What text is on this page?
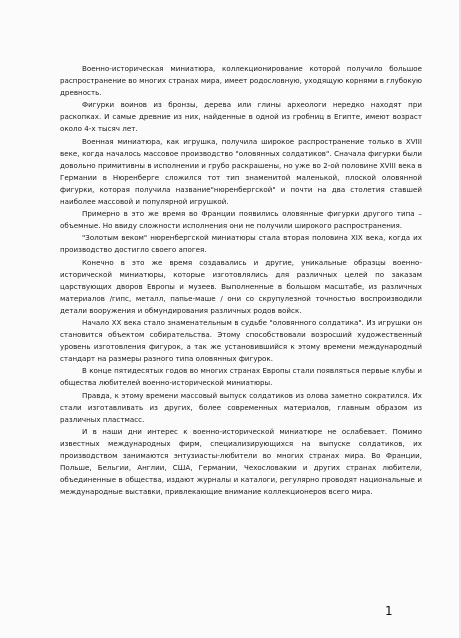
Военно-историческая миниатюра, коллекционирование которой получило большое распространение во многих странах мира, имеет родословную, уходящую корнями в глубокую древность.

Фигурки воинов из бронзы, дерева или глины археологи нередко находят при раскопках. И самые древние из них, найденные в одной из гробниц в Египте, имеют возраст около 4-х тысяч лет.

Военная миниатюра, как игрушка, получила широкое распространение только в XVIII веке, когда началось массовое производство "оловянных солдатиков". Сначала фигурки были довольно примитивны в исполнении и грубо раскрашены, но уже во 2-ой половине XVIII века в Германии в Нюренберге сложился тот тип знаменитой маленькой, плоской оловянной фигурки, которая получила название"нюренбергской" и почти на два столетия ставшей наиболее массовой и популярной игрушкой.

Примерно в это же время во Франции появились оловянные фигурки другого типа – объемные. Но ввиду сложности исполнения они не получили широкого распространения.

"Золотым веком" нюренбергской миниатюры стала вторая половина XIX века, когда их производство достигло своего апогея.

Конечно в это же время создавались и другие, уникальные образцы военно-исторической миниатюры, которые изготовлялись для различных целей по заказам царствующих дворов Европы и музеев. Выполненные в большом масштабе, из различных материалов /гипс, металл, папье-маше / они со скрупулезной точностью воспроизводили детали вооружения и обмундирования различных родов войск.

Начало XX века стало знаменательным в судьбе "оловянного солдатика". Из игрушки он становится объектом собирательства. Этому способствовали возросший художественный уровень изготовления фигурок, а так же установившийся к этому времени международный стандарт на размеры разного типа оловянных фигурок.

В конце пятидесятых годов во многих странах Европы стали появляться первые клубы и общества любителей военно-исторической миниатюры.

Правда, к этому времени массовый выпуск солдатиков из олова заметно сократился. Их стали изготавливать из других, более современных материалов, главным образом из различных пластмасс.

И в наши дни интерес к военно-исторической миниатюре не ослабевает. Помимо известных международных фирм, специализирующихся на выпуске солдатиков, их производством занимаются энтузиасты-любители во многих странах мира. Во Франции, Польше, Бельгии, Англии, США, Германии, Чехословакии и других странах любители, объединенные в общества, издают журналы и каталоги, регулярно проводят национальные и международные выставки, привлекающие внимание коллекционеров всего мира.

1
